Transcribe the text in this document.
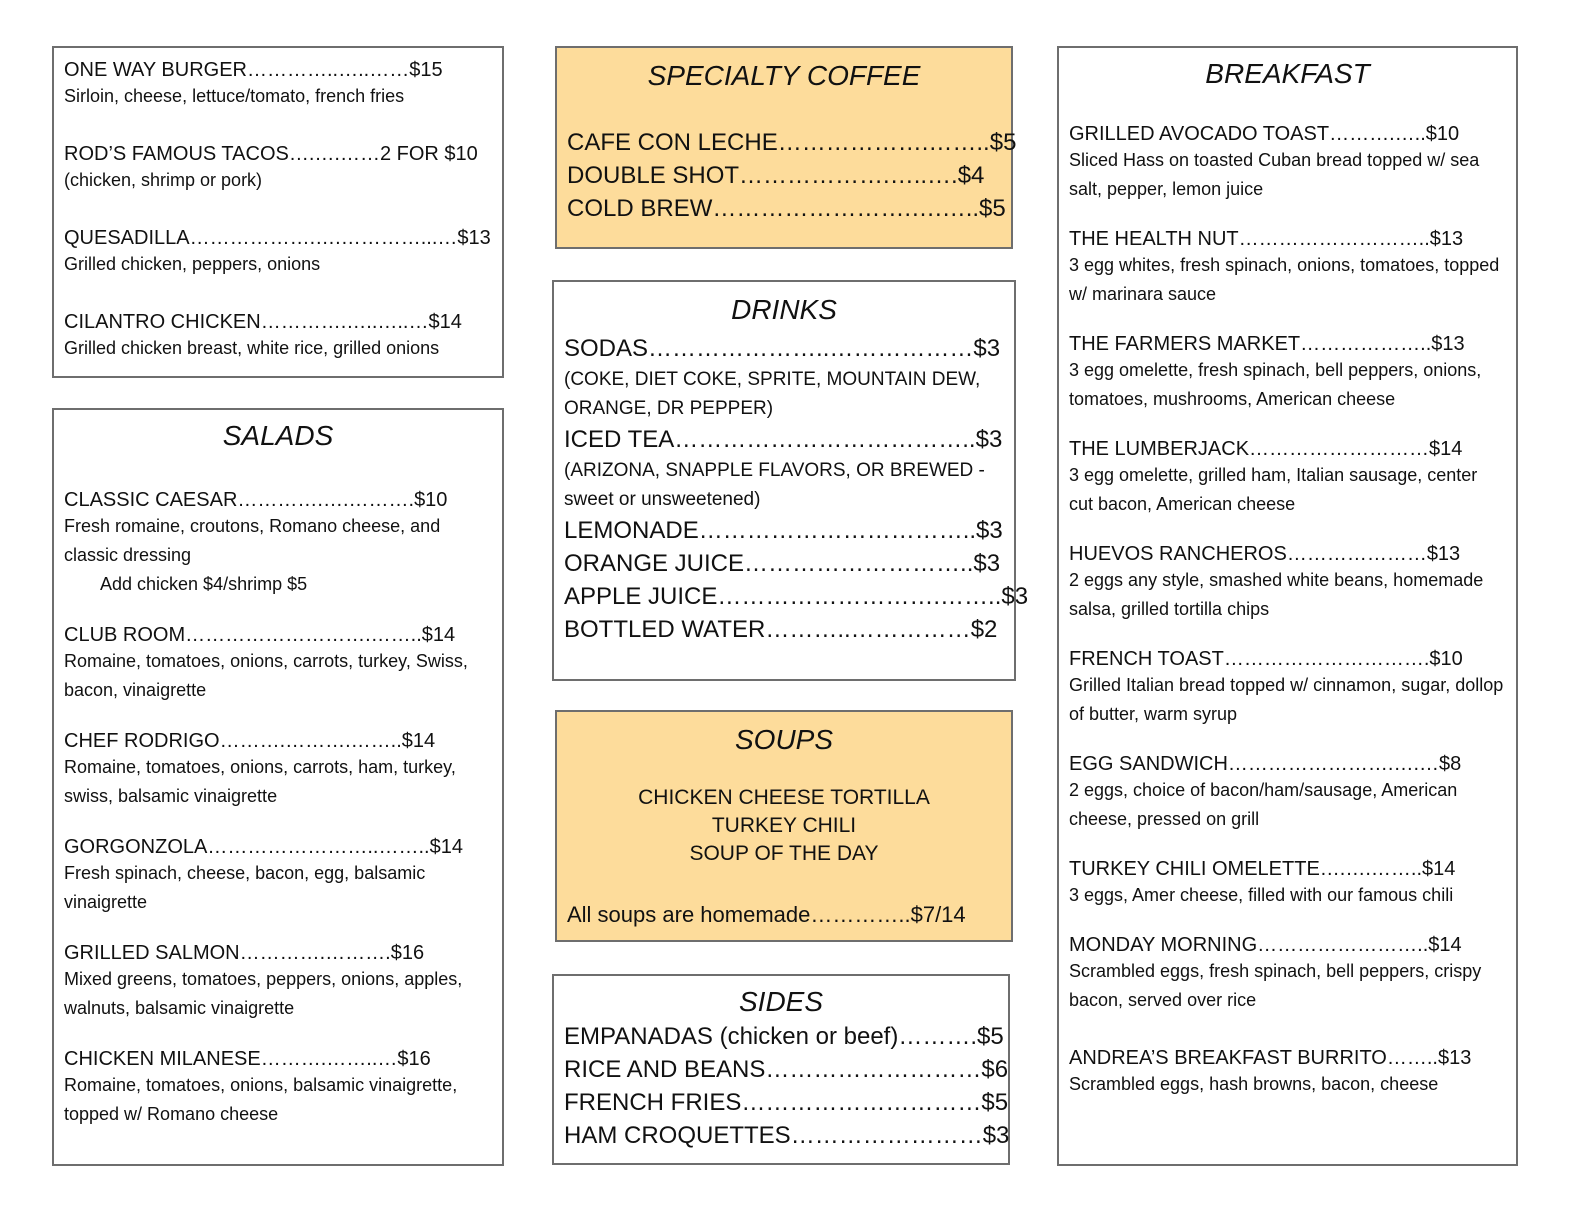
ONE WAY BURGER…………..…..……$15

Sirloin, cheese, lettuce/tomato, french fries

ROD’S FAMOUS TACOS….….……2 FOR $10

(chicken, shrimp or pork)

QUESADILLA……………….….…………...…$13

Grilled chicken, peppers, onions

CILANTRO CHICKEN………….…..…..…$14

Grilled chicken breast, white rice, grilled onions

SALADS

CLASSIC CAESAR………….….……….$10

Fresh romaine, croutons, Romano cheese, and classic dressing

Add chicken $4/shrimp $5

CLUB ROOM……………………….……..$14

Romaine, tomatoes, onions, carrots, turkey, Swiss, bacon, vinaigrette

CHEF RODRIGO……….……….……..$14

Romaine, tomatoes, onions, carrots, ham, turkey, swiss, balsamic vinaigrette

GORGONZOLA……………………..……..$14

Fresh spinach, cheese, bacon, egg, balsamic vinaigrette

GRILLED SALMON………….……….$16

Mixed greens, tomatoes, peppers, onions, apples, walnuts, balsamic vinaigrette

CHICKEN MILANESE……….……..…$16

Romaine, tomatoes, onions, balsamic vinaigrette, topped w/ Romano cheese

SPECIALTY COFFEE

CAFE CON LECHE……………….……..$5

DOUBLE SHOT……………….…..….$4

COLD BREW…………………….….…..$5

DRINKS

SODAS…………………..………………$3

(COKE, DIET COKE, SPRITE, MOUNTAIN DEW, ORANGE, DR PEPPER)

ICED TEA………………………………..$3

(ARIZONA, SNAPPLE FLAVORS, OR BREWED - sweet or unsweetened)

LEMONADE……………………………..$3

ORANGE JUICE………………………..$3

APPLE JUICE……………………….……..$3

BOTTLED WATER………..……………$2

SOUPS

CHICKEN CHEESE TORTILLA

TURKEY CHILI

SOUP OF THE DAY

All soups are homemade…………..$7/14

SIDES

EMPANADAS (chicken or beef)……….$5

RICE AND BEANS………………………$6

FRENCH FRIES…………………………$5

HAM CROQUETTES……………………$3

BREAKFAST

GRILLED AVOCADO TOAST……….…..$10

Sliced Hass on toasted Cuban bread topped w/ sea salt, pepper, lemon juice

THE HEALTH NUT………………………..$13

3 egg whites, fresh spinach, onions, tomatoes, topped w/ marinara sauce

THE FARMERS MARKET………………..$13

3 egg omelette, fresh spinach, bell peppers, onions, tomatoes, mushrooms, American cheese

THE LUMBERJACK………………………$14

3 egg omelette, grilled ham, Italian sausage, center cut bacon, American cheese

HUEVOS RANCHEROS…………………$13

2 eggs any style, smashed white beans, homemade salsa, grilled tortilla chips

FRENCH TOAST………………………….$10

Grilled Italian bread topped w/ cinnamon, sugar, dollop of butter, warm syrup

EGG SANDWICH…………………….….…$8

2 eggs, choice of bacon/ham/sausage, American cheese, pressed on grill

TURKEY CHILI OMELETTE….….……..$14

3 eggs, Amer cheese, filled with our famous chili

MONDAY MORNING……………………..$14

Scrambled eggs, fresh spinach, bell peppers, crispy bacon, served over rice

ANDREA’S BREAKFAST BURRITO……..$13

Scrambled eggs, hash browns, bacon, cheese
